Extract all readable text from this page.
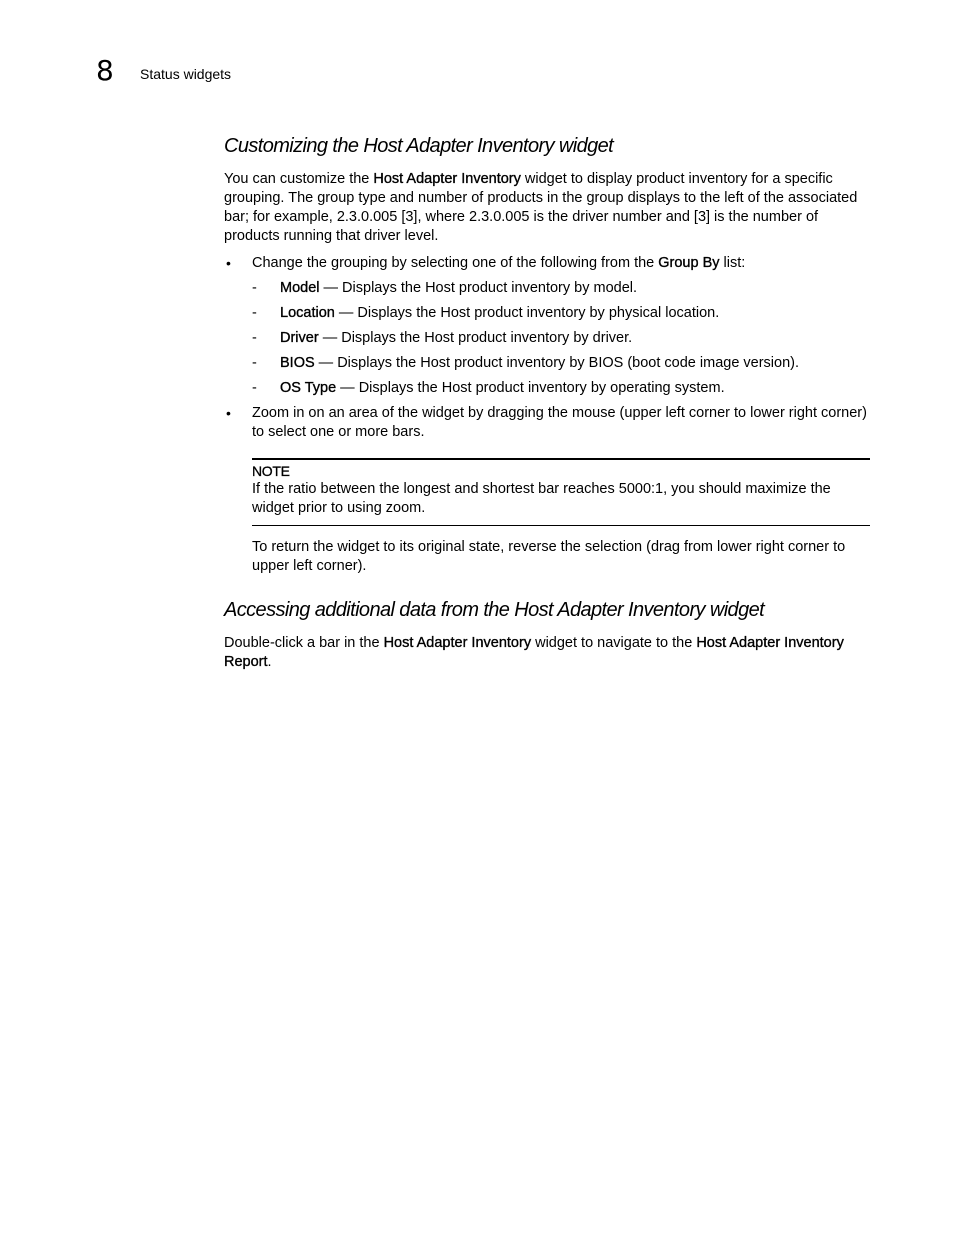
8 Status widgets
Customizing the Host Adapter Inventory widget

You can customize the Host Adapter Inventory widget to display product inventory for a specific grouping. The group type and number of products in the group displays to the left of the associated bar; for example, 2.3.0.005 [3], where 2.3.0.005 is the driver number and [3] is the number of products running that driver level.

• Change the grouping by selecting one of the following from the Group By list:
- Model — Displays the Host product inventory by model.
- Location — Displays the Host product inventory by physical location.
- Driver — Displays the Host product inventory by driver.
- BIOS — Displays the Host product inventory by BIOS (boot code image version).
- OS Type — Displays the Host product inventory by operating system.
• Zoom in on an area of the widget by dragging the mouse (upper left corner to lower right corner) to select one or more bars.
NOTE

If the ratio between the longest and shortest bar reaches 5000:1, you should maximize the widget prior to using zoom.

To return the widget to its original state, reverse the selection (drag from lower right corner to upper left corner).

Accessing additional data from the Host Adapter Inventory widget

Double-click a bar in the Host Adapter Inventory widget to navigate to the Host Adapter Inventory Report.
